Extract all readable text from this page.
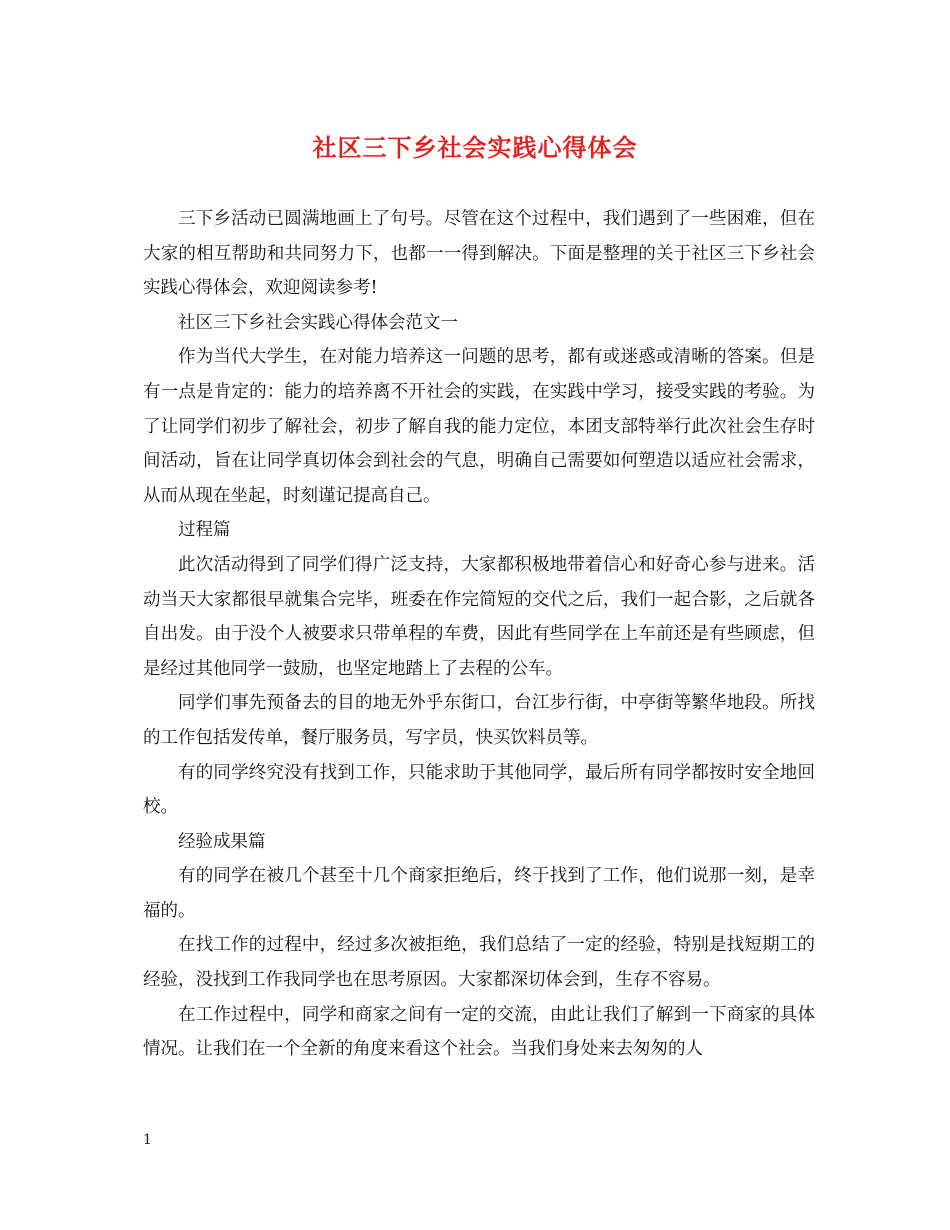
社区三下乡社会实践心得体会

三下乡活动已圆满地画上了句号。尽管在这个过程中，我们遇到了一些困难，但在大家的相互帮助和共同努力下，也都一一得到解决。下面是整理的关于社区三下乡社会实践心得体会，欢迎阅读参考!

社区三下乡社会实践心得体会范文一

作为当代大学生，在对能力培养这一问题的思考，都有或迷惑或清晰的答案。但是有一点是肯定的：能力的培养离不开社会的实践，在实践中学习，接受实践的考验。为了让同学们初步了解社会，初步了解自我的能力定位，本团支部特举行此次社会生存时间活动，旨在让同学真切体会到社会的气息，明确自己需要如何塑造以适应社会需求，从而从现在坐起，时刻谨记提高自己。

过程篇

此次活动得到了同学们得广泛支持，大家都积极地带着信心和好奇心参与进来。活动当天大家都很早就集合完毕，班委在作完简短的交代之后，我们一起合影，之后就各自出发。由于没个人被要求只带单程的车费，因此有些同学在上车前还是有些顾虑，但是经过其他同学一鼓励，也坚定地踏上了去程的公车。

同学们事先预备去的目的地无外乎东街口，台江步行街，中亭街等繁华地段。所找的工作包括发传单，餐厅服务员，写字员，快买饮料员等。

有的同学终究没有找到工作，只能求助于其他同学，最后所有同学都按时安全地回校。

经验成果篇

有的同学在被几个甚至十几个商家拒绝后，终于找到了工作，他们说那一刻，是幸福的。

在找工作的过程中，经过多次被拒绝，我们总结了一定的经验，特别是找短期工的经验，没找到工作我同学也在思考原因。大家都深切体会到，生存不容易。

在工作过程中，同学和商家之间有一定的交流，由此让我们了解到一下商家的具体情况。让我们在一个全新的角度来看这个社会。当我们身处来去匆匆的人

1
